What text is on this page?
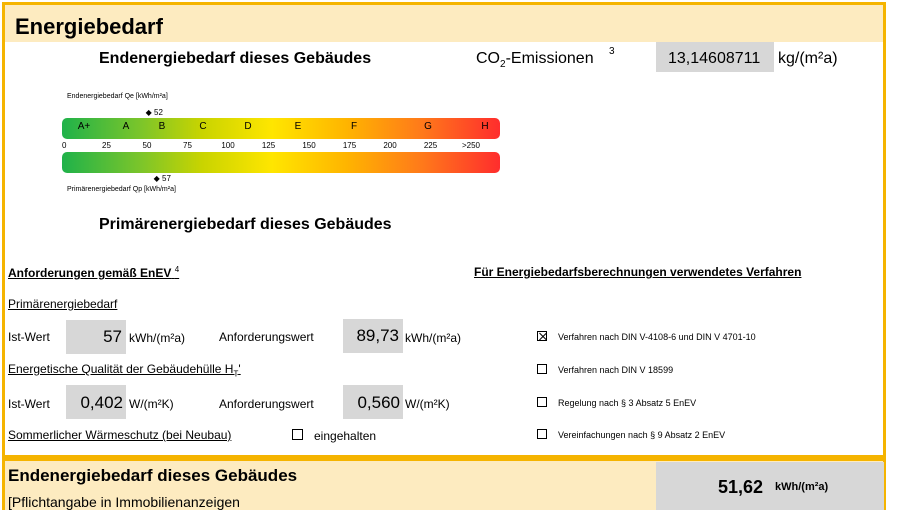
Energiebedarf
Endenergiebedarf dieses Gebäudes	$CO_2$-Emissionen 3	13,14608711 kg/(m²a)
Endenergiebedarf Qe [kWh/m²a]
◆ 52
A+	A	B	C	D	E	F	G	H
0	25	50	75	100	125	150	175	200	225	>250
◆ 57
Primärenergiebedarf Qp [kWh/m²a]
Primärenergiebedarf dieses Gebäudes
Anforderungen gemäß EnEV $^4$	Für Energiebedarfsberechnungen verwendetes Verfahren
Primärenergiebedarf
Ist-Wert	57 kWh/(m²a)	Anforderungswert	89,73 kWh/(m²a)
Energetische Qualität der Gebäudehülle $H_T'$
Ist-Wert	0,402 W/(m²K)	Anforderungswert	0,560 W/(m²K)
Sommerlicher Wärmeschutz (bei Neubau)	eingehalten
Verfahren nach DIN V-4108-6 und DIN V 4701-10
Verfahren nach DIN V 18599
Regelung nach § 3 Absatz 5 EnEV
Vereinfachungen nach § 9 Absatz 2 EnEV
Endenergiebedarf dieses Gebäudes
[Pflichtangabe in Immobilienanzeigen
51,62 kWh/(m²a)
